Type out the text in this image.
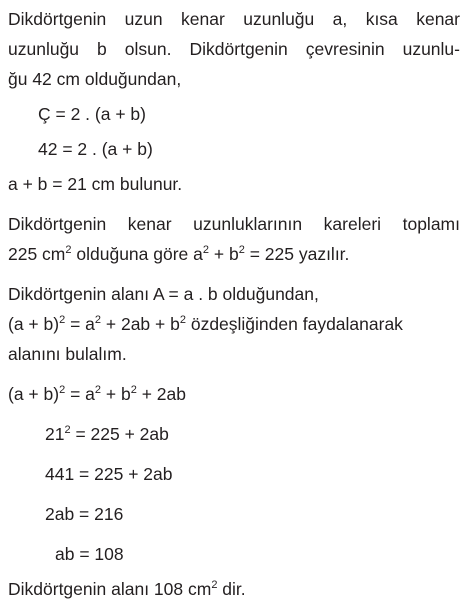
Dikdörtgenin uzun kenar uzunluğu a, kısa kenar
uzunluğu b olsun. Dikdörtgenin çevresinin uzunlu-
ğu 42 cm olduğundan,
Ç = 2 . (a + b)
42 = 2 . (a + b)
a + b = 21 cm bulunur.
Dikdörtgenin kenar uzunluklarının kareleri toplamı
225 $cm^2$ olduğuna göre $a^2 + b^2 = 225$ yazılır.
Dikdörtgenin alanı A = a . b olduğundan,
$(a + b)^2 = a^2 + 2ab + b^2$ özdeşliğinden faydalanarak
alanını bulalım.
$(a + b)^2 = a^2 + b^2 + 2ab$
$21^2 = 225 + 2ab$
441 = 225 + 2ab
2ab = 216
ab = 108
Dikdörtgenin alanı 108 $cm^2$ dir.
